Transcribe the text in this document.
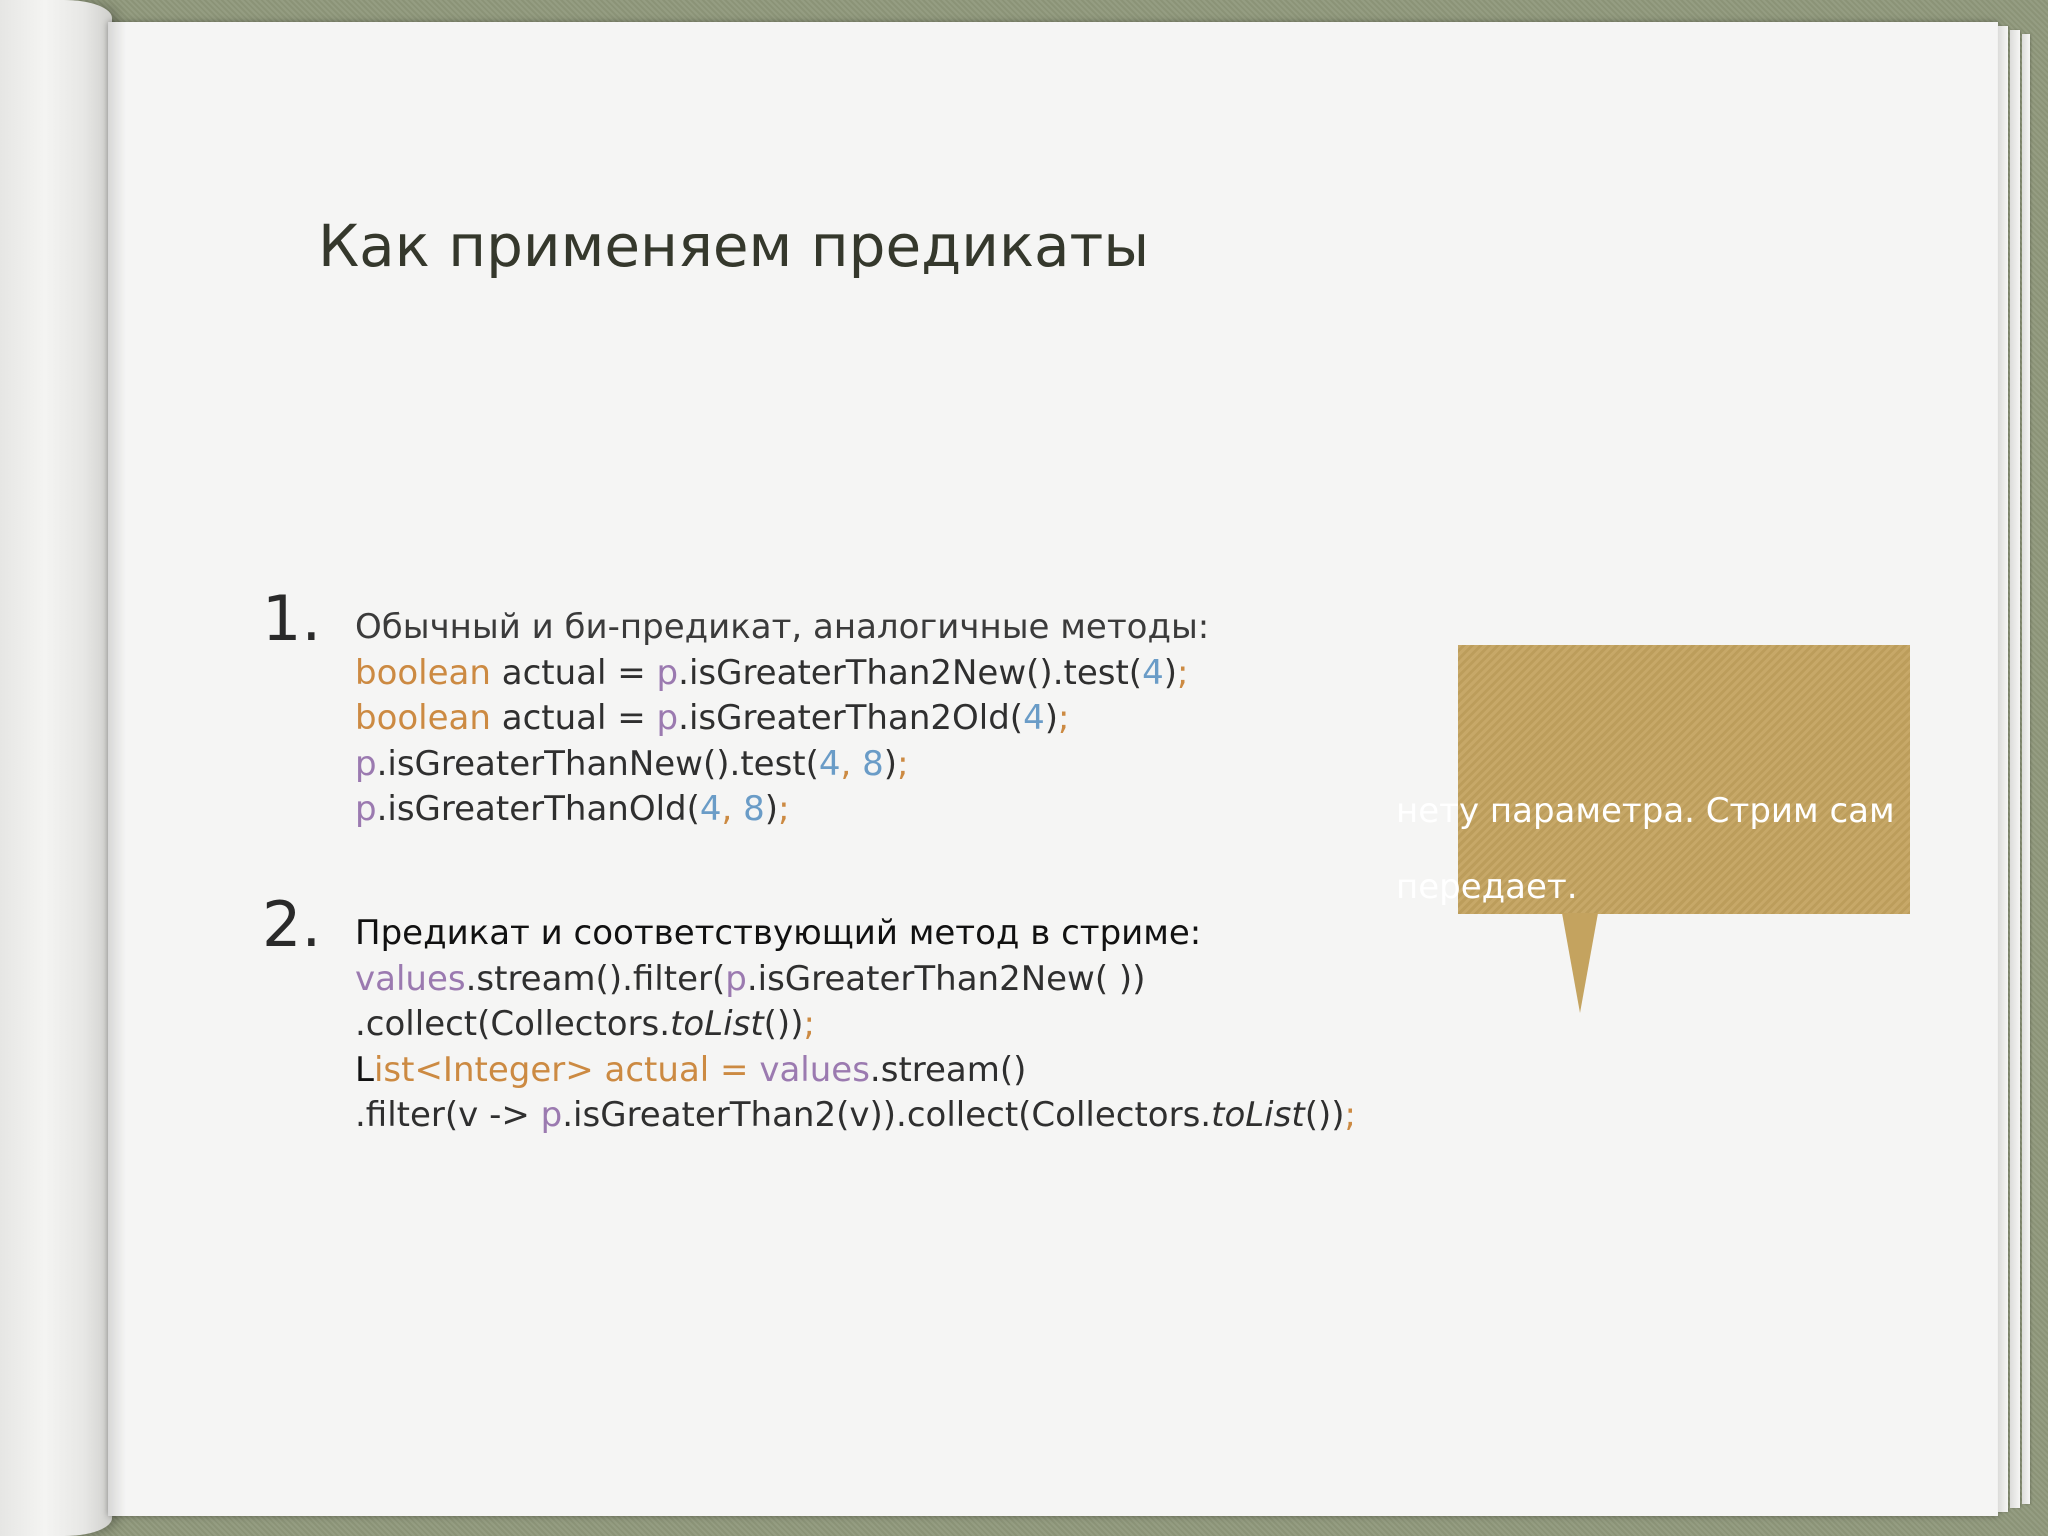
Как применяем предикаты
1. Обычный и би-предикат, аналогичные методы:
boolean actual = p.isGreaterThan2New().test(4);
boolean actual = p.isGreaterThan2Old(4);
p.isGreaterThanNew().test(4, 8);
p.isGreaterThanOld(4, 8);
2. Предикат и соответствующий метод в стриме:
values.stream().filter(p.isGreaterThan2New( ))
.collect(Collectors.toList());
List<Integer> actual = values.stream()
.filter(v -> p.isGreaterThan2(v)).collect(Collectors.toList());
нету параметра. Стрим сам
передает.
